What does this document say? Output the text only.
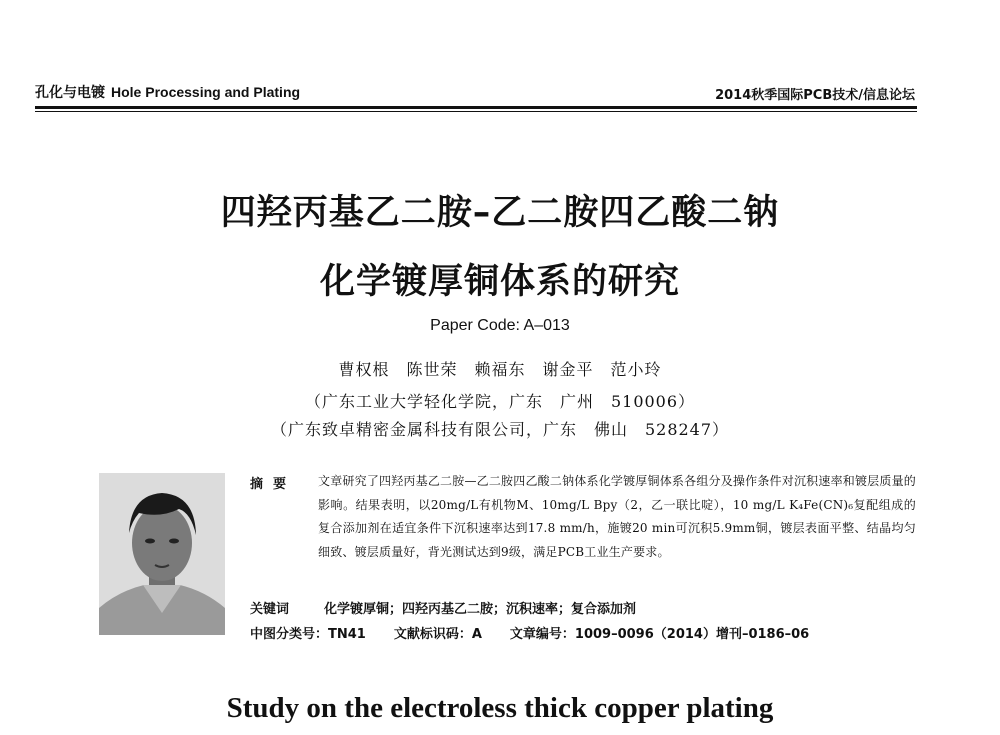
孔化与电镀 Hole Processing and Plating	2014秋季国际PCB技术/信息论坛
四羟丙基乙二胺–乙二胺四乙酸二钠
化学镀厚铜体系的研究
Paper Code: A–013
曹权根　陈世荣　赖福东　谢金平　范小玲
（广东工业大学轻化学院，广东　广州　510006）
（广东致卓精密金属科技有限公司，广东　佛山　528247）
摘要 文章研究了四羟丙基乙二胺—乙二胺四乙酸二钠体系化学镀厚铜体系各组分及操作条件对沉积速率和镀层质量的影响。结果表明，以20mg/L有机物M、10mg/L Bpy（2，乙一联比啶），10 mg/L K₄Fe(CN)₆复配组成的复合添加剂在适宜条件下沉积速率达到17.8 mm/h，施镀20 min可沉积5.9mm铜，镀层表面平整、结晶均匀细致、镀层质量好，背光测试达到9级，满足PCB工业生产要求。
关键词	化学镀厚铜；四羟丙基乙二胺；沉积速率；复合添加剂
中图分类号：TN41 文献标识码：A 文章编号：1009–0096（2014）增刊–0186–06
Study on the electroless thick copper plating
